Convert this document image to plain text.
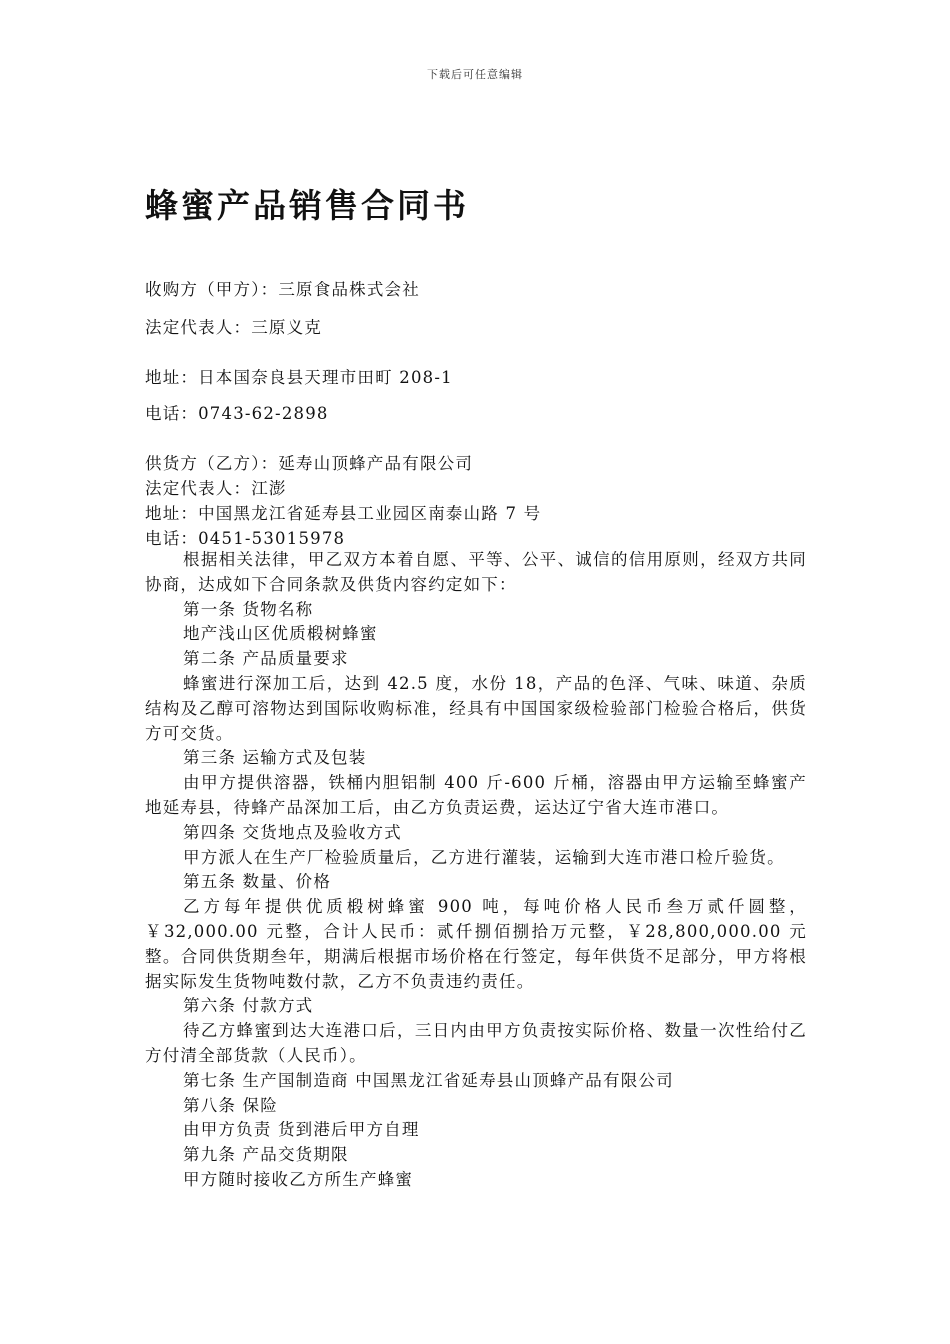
下载后可任意编辑
蜂蜜产品销售合同书
收购方（甲方）：三原食品株式会社
法定代表人：三原义克
地址：日本国奈良县天理市田町 208-1
电话：0743-62-2898
供货方（乙方）：延寿山顶蜂产品有限公司
法定代表人：江澎
地址：中国黑龙江省延寿县工业园区南泰山路 7 号
电话：0451-53015978

根据相关法律，甲乙双方本着自愿、平等、公平、诚信的信用原则，经双方共同协商，达成如下合同条款及供货内容约定如下：

第一条 货物名称

地产浅山区优质椴树蜂蜜

第二条 产品质量要求

蜂蜜进行深加工后，达到 42.5 度，水份 18，产品的色泽、气味、味道、杂质结构及乙醇可溶物达到国际收购标准，经具有中国国家级检验部门检验合格后，供货方可交货。

第三条 运输方式及包装

由甲方提供溶器，铁桶内胆铝制 400 斤-600 斤桶，溶器由甲方运输至蜂蜜产地延寿县，待蜂产品深加工后，由乙方负责运费，运达辽宁省大连市港口。

第四条 交货地点及验收方式

甲方派人在生产厂检验质量后，乙方进行灌装，运输到大连市港口检斤验货。

第五条 数量、价格

乙方每年提供优质椴树蜂蜜 900 吨，每吨价格人民币叁万贰仟圆整，￥32,000.00 元整，合计人民币：贰仟捌佰捌拾万元整，￥28,800,000.00 元整。合同供货期叁年，期满后根据市场价格在行签定，每年供货不足部分，甲方将根据实际发生货物吨数付款，乙方不负责违约责任。

第六条 付款方式

待乙方蜂蜜到达大连港口后，三日内由甲方负责按实际价格、数量一次性给付乙方付清全部货款（人民币）。

第七条 生产国制造商 中国黑龙江省延寿县山顶蜂产品有限公司

第八条 保险

由甲方负责 货到港后甲方自理

第九条 产品交货期限

甲方随时接收乙方所生产蜂蜜
